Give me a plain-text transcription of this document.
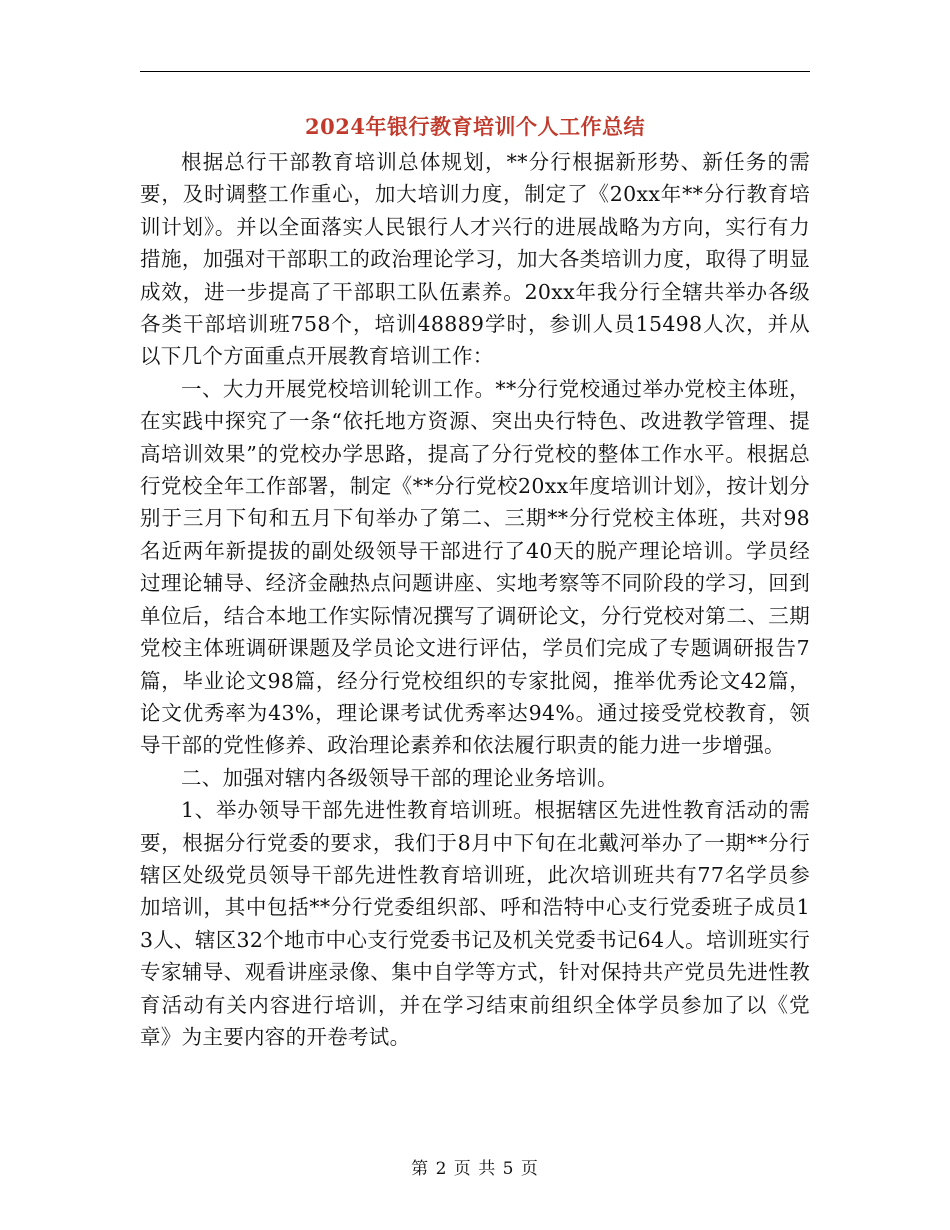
2024年银行教育培训个人工作总结

根据总行干部教育培训总体规划，**分行根据新形势、新任务的需要，及时调整工作重心，加大培训力度，制定了《20xx年**分行教育培训计划》。并以全面落实人民银行人才兴行的进展战略为方向，实行有力措施，加强对干部职工的政治理论学习，加大各类培训力度，取得了明显成效，进一步提高了干部职工队伍素养。20xx年我分行全辖共举办各级各类干部培训班758个，培训48889学时，参训人员15498人次，并从以下几个方面重点开展教育培训工作：

一、大力开展党校培训轮训工作。**分行党校通过举办党校主体班，在实践中探究了一条“依托地方资源、突出央行特色、改进教学管理、提高培训效果”的党校办学思路，提高了分行党校的整体工作水平。根据总行党校全年工作部署，制定《**分行党校20xx年度培训计划》，按计划分别于三月下旬和五月下旬举办了第二、三期**分行党校主体班，共对98名近两年新提拔的副处级领导干部进行了40天的脱产理论培训。学员经过理论辅导、经济金融热点问题讲座、实地考察等不同阶段的学习，回到单位后，结合本地工作实际情况撰写了调研论文，分行党校对第二、三期党校主体班调研课题及学员论文进行评估，学员们完成了专题调研报告7篇，毕业论文98篇，经分行党校组织的专家批阅，推举优秀论文42篇，论文优秀率为43%，理论课考试优秀率达94%。通过接受党校教育，领导干部的党性修养、政治理论素养和依法履行职责的能力进一步增强。

二、加强对辖内各级领导干部的理论业务培训。

1、举办领导干部先进性教育培训班。根据辖区先进性教育活动的需要，根据分行党委的要求，我们于8月中下旬在北戴河举办了一期**分行辖区处级党员领导干部先进性教育培训班，此次培训班共有77名学员参加培训，其中包括**分行党委组织部、呼和浩特中心支行党委班子成员13人、辖区32个地市中心支行党委书记及机关党委书记64人。培训班实行专家辅导、观看讲座录像、集中自学等方式，针对保持共产党员先进性教育活动有关内容进行培训，并在学习结束前组织全体学员参加了以《党章》为主要内容的开卷考试。

第 2 页 共 5 页
